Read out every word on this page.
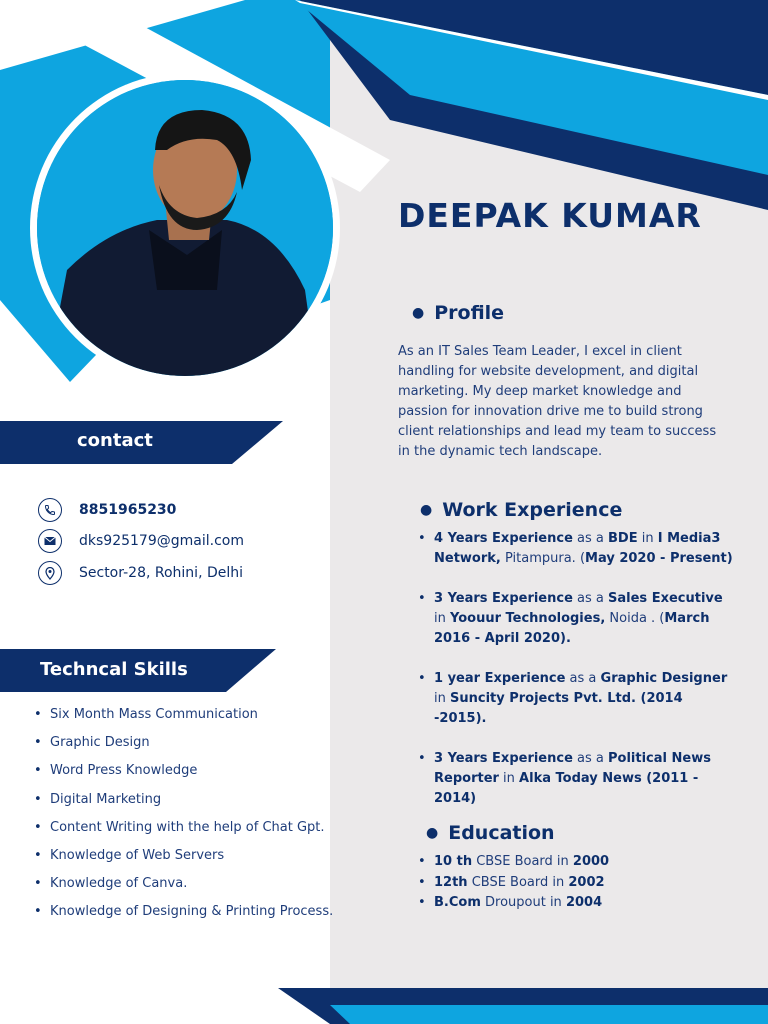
DEEPAK KUMAR
● Profile
As an IT Sales Team Leader, I excel in client handling for website development, and digital marketing. My deep market knowledge and passion for innovation drive me to build strong client relationships and lead my team to success in the dynamic tech landscape.
● Work Experience
• 4 Years Experience as a BDE in I Media3 Network, Pitampura. (May 2020 - Present)
• 3 Years Experience as a Sales Executive in Yoouur Technologies, Noida . (March 2016 - April 2020).
• 1 year Experience as a Graphic Designer in Suncity Projects Pvt. Ltd. (2014 -2015).
• 3 Years Experience as a Political News Reporter in Alka Today News (2011 - 2014)
● Education
• 10 th CBSE Board in 2000
• 12th CBSE Board in 2002
• B.Com Droupout in 2004
contact
8851965230
dks925179@gmail.com
Sector-28, Rohini, Delhi
Techncal Skills
• Six Month Mass Communication
• Graphic Design
• Word Press Knowledge
• Digital Marketing
• Content Writing with the help of Chat Gpt.
• Knowledge of Web Servers
• Knowledge of Canva.
• Knowledge of Designing & Printing Process.
